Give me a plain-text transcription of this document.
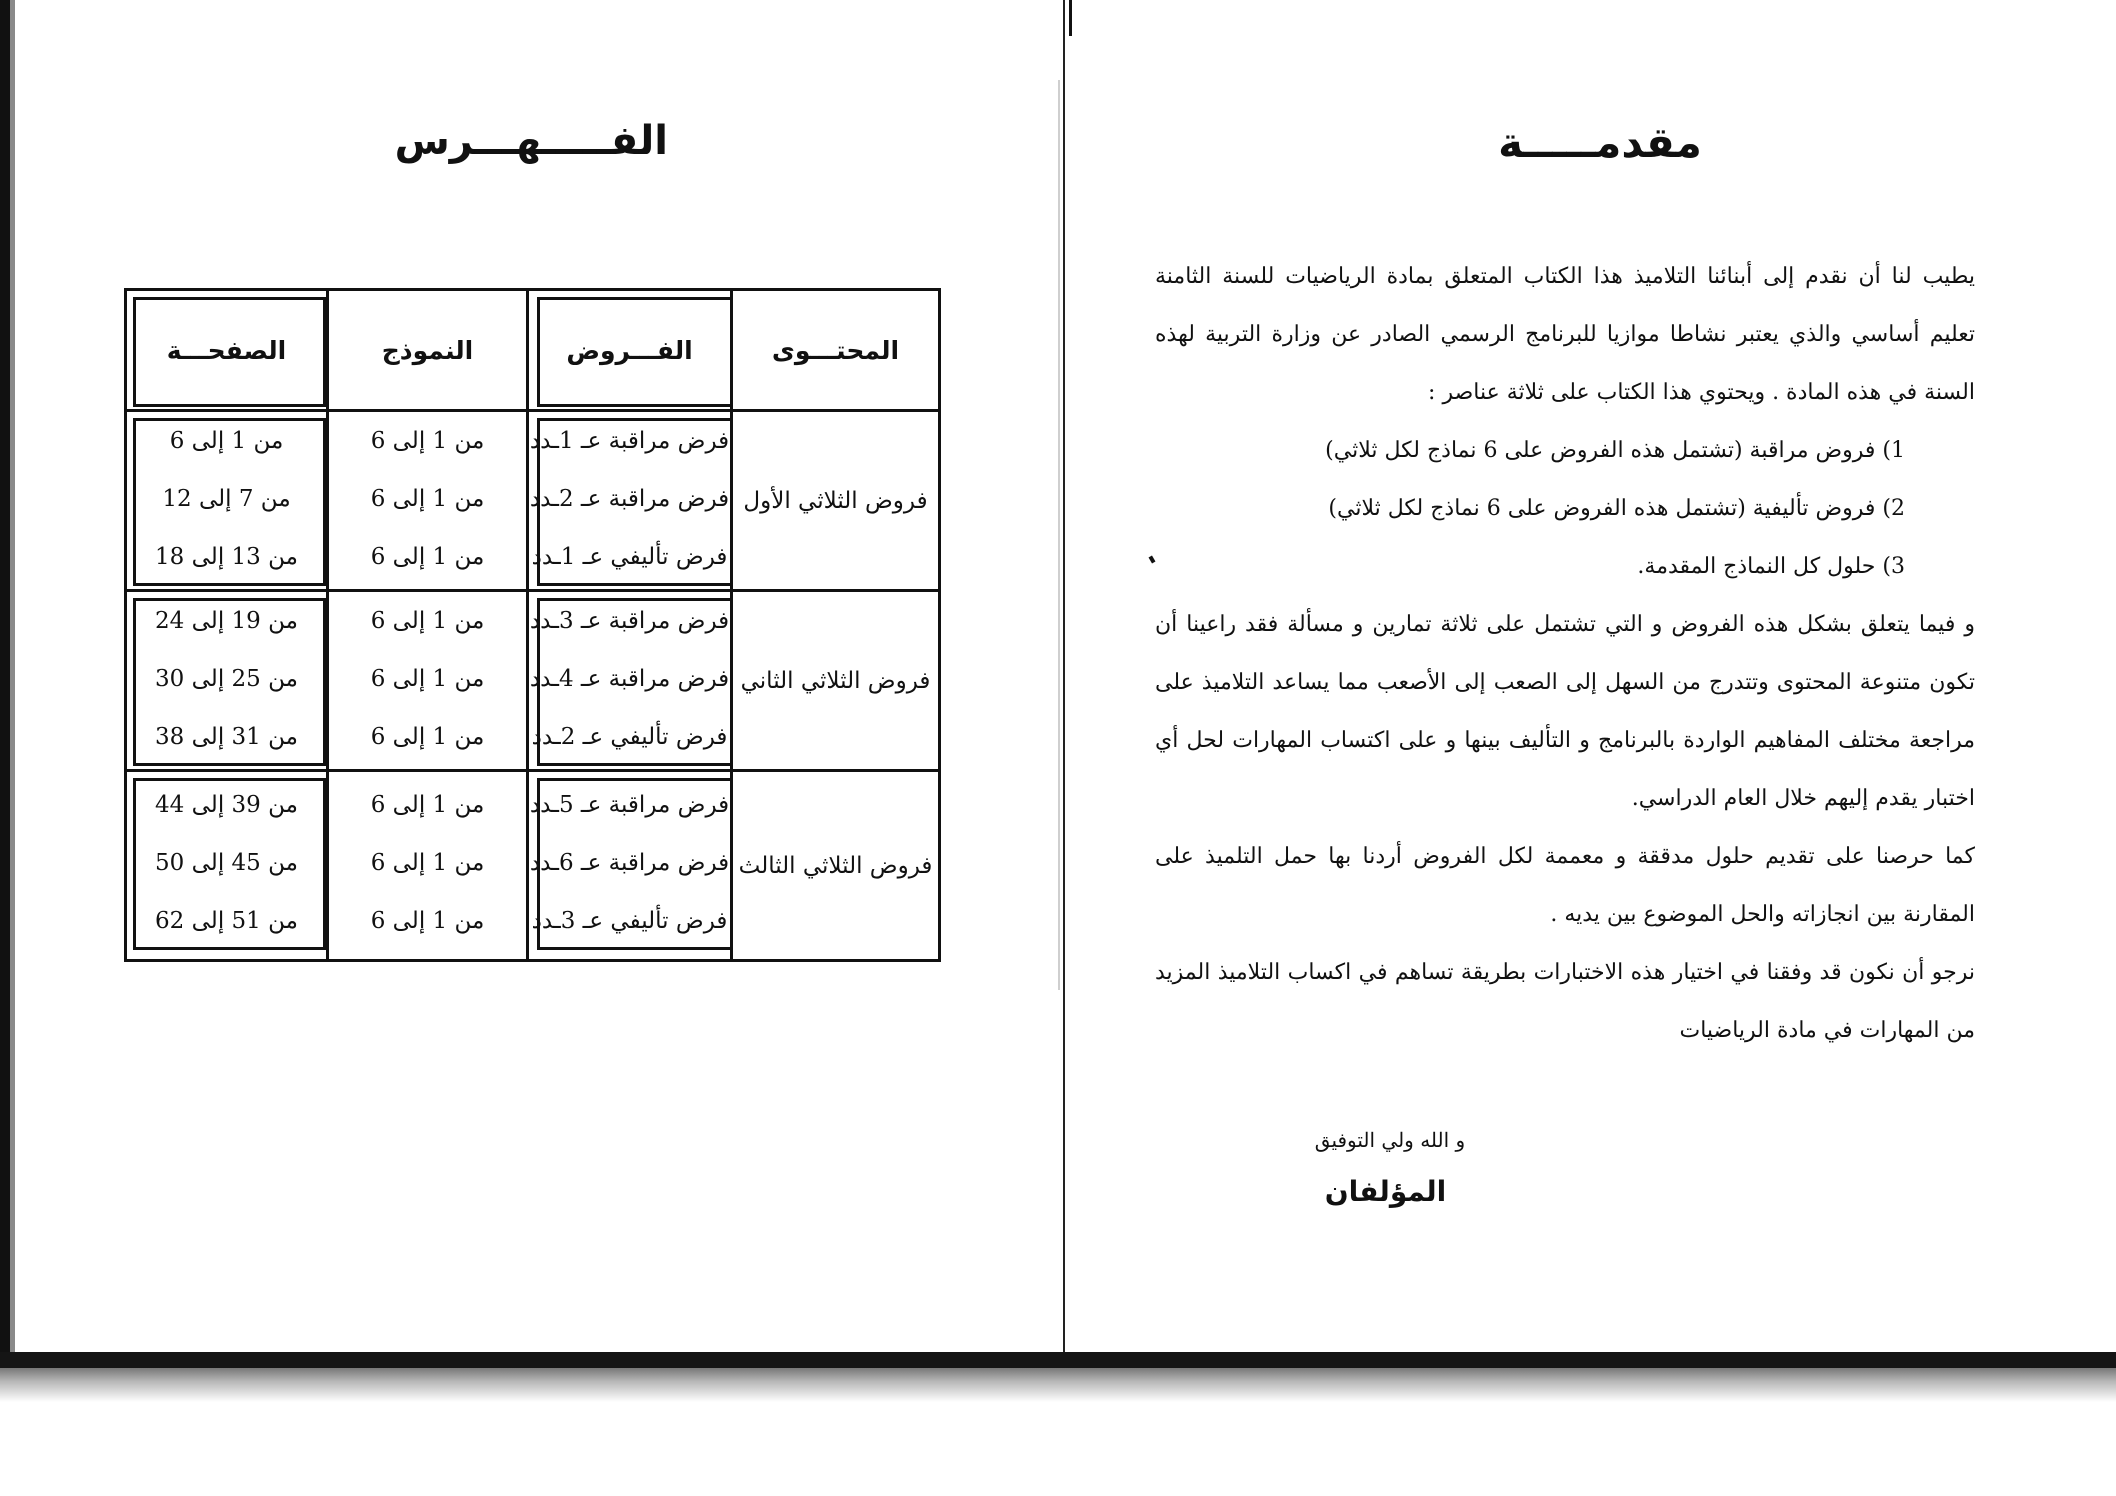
الفـــــهـــرس
المحتـــوى
الفـــروض
النموذج
الصفحـــة
فروض الثلاثي الأول
فرض مراقبة عـ 1ـدد
فرض مراقبة عـ 2ـدد
فرض تأليفي عـ 1ـدد
من 1 إلى 6
من 1 إلى 6
من 1 إلى 6
من 1 إلى 6
من 7 إلى 12
من 13 إلى 18
فروض الثلاثي الثاني
فرض مراقبة عـ 3ـدد
فرض مراقبة عـ 4ـدد
فرض تأليفي عـ 2ـدد
من 1 إلى 6
من 1 إلى 6
من 1 إلى 6
من 19 إلى 24
من 25 إلى 30
من 31 إلى 38
فروض الثلاثي الثالث
فرض مراقبة عـ 5ـدد
فرض مراقبة عـ 6ـدد
فرض تأليفي عـ 3ـدد
من 1 إلى 6
من 1 إلى 6
من 1 إلى 6
من 39 إلى 44
من 45 إلى 50
من 51 إلى 62
مقدمـــــة

يطيب لنا أن نقدم إلى أبنائنا التلاميذ هذا الكتاب المتعلق بمادة الرياضيات للسنة الثامنة تعليم أساسي والذي يعتبر نشاطا موازيا للبرنامج الرسمي الصادر عن وزارة التربية لهذه السنة في هذه المادة . ويحتوي هذا الكتاب على ثلاثة عناصر :

1) فروض مراقبة (تشتمل هذه الفروض على 6 نماذج لكل ثلاثي)

2) فروض تأليفية (تشتمل هذه الفروض على 6 نماذج لكل ثلاثي)

3) حلول كل النماذج المقدمة.

و فيما يتعلق بشكل هذه الفروض و التي تشتمل على ثلاثة تمارين و مسألة فقد راعينا أن تكون متنوعة المحتوى وتتدرج من السهل إلى الصعب إلى الأصعب مما يساعد التلاميذ على مراجعة مختلف المفاهيم الواردة بالبرنامج و التأليف بينها و على اكتساب المهارات لحل أي اختبار يقدم إليهم خلال العام الدراسي.

كما حرصنا على تقديم حلول مدققة و معممة لكل الفروض أردنا بها حمل التلميذ على المقارنة بين انجازاته والحل الموضوع بين يديه .

نرجو أن نكون قد وفقنا في اختيار هذه الاختبارات بطريقة تساهم في اكساب التلاميذ المزيد من المهارات في مادة الرياضيات

و الله ولي التوفيق
المؤلفان
